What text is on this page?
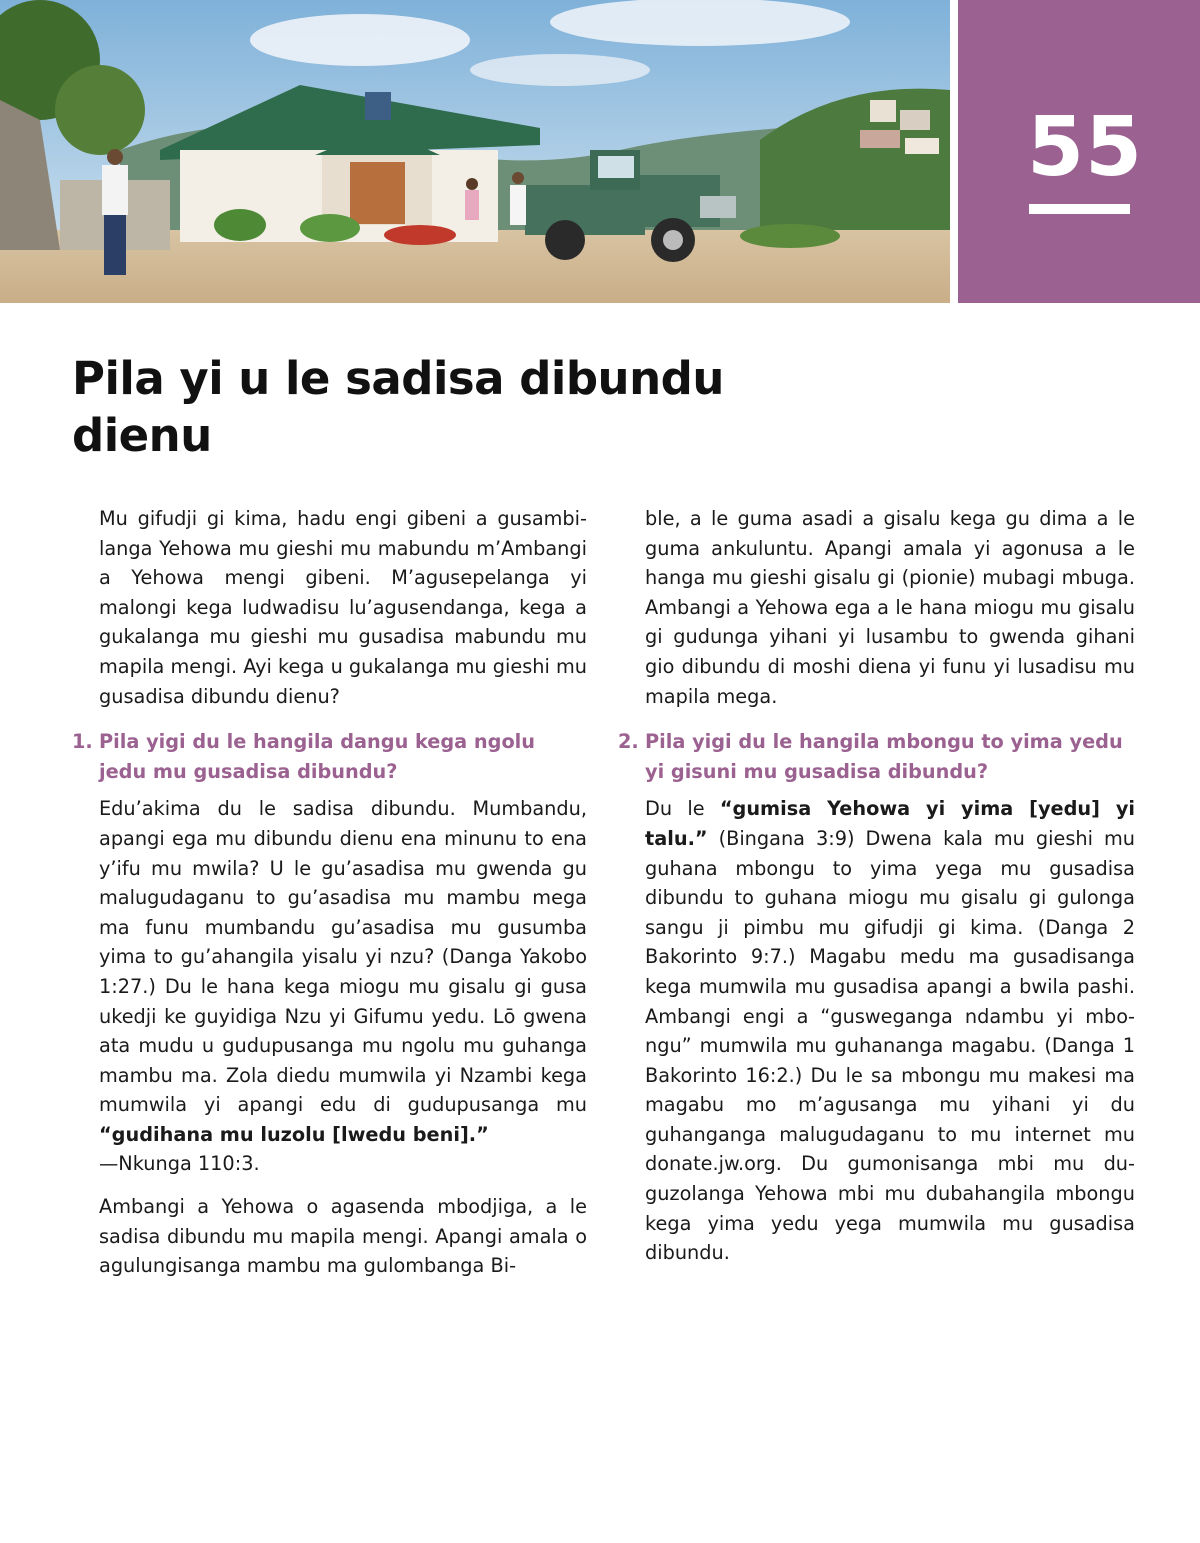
55
Pila yi u le sadisa dibundu dienu

Mu gifudji gi kima, hadu engi gibeni a gusambilanga Yehowa mu gieshi mu mabundu m’Ambangi a Yehowa mengi gibeni. M’agusepelanga yi malongi kega ludwadisu lu’agusendanga, kega a gukalanga mu gieshi mu gusadisa mabundu mu mapila mengi. Ayi kega u gukalanga mu gieshi mu gusadisa dibundu dienu?

1. Pila yigi du le hangila dangu kega ngolu jedu mu gusadisa dibundu?

Edu’akima du le sadisa dibundu. Mumbandu, apangi ega mu dibundu dienu ena minunu to ena y’ifu mu mwila? U le gu’asadisa mu gwenda gu malugudaganu to gu’asadisa mu mambu mega ma funu mumbandu gu’asadisa mu gusumba yima to gu’ahangila yisalu yi nzu? (Danga Yakobo 1:27.) Du le hana kega miogu mu gisalu gi gusa ukedji ke guyidiga Nzu yi Gifumu yedu. Lō gwena ata mudu u gudupusanga mu ngolu mu guhanga mambu ma. Zola diedu mumwila yi Nzambi kega mumwila yi apangi edu di gudupusanga mu “gudihana mu luzolu [lwedu beni].”
—Nkunga 110:3.

Ambangi a Yehowa o agasenda mbodjiga, a le sadisa dibundu mu mapila mengi. Apangi amala o agulungisanga mambu ma gulombanga Bi-

ble, a le guma asadi a gisalu kega gu dima a le guma ankuluntu. Apangi amala yi agonusa a le hanga mu gieshi gisalu gi (pionie) mubagi mbuga. Ambangi a Yehowa ega a le hana miogu mu gisalu gi gudunga yihani yi lusambu to gwenda gihani gio dibundu di moshi diena yi funu yi lusadisu mu mapila mega.

2. Pila yigi du le hangila mbongu to yima yedu yi gisuni mu gusadisa dibundu?

Du le “gumisa Yehowa yi yima [yedu] yi talu.” (Bingana 3:9) Dwena kala mu gieshi mu guhana mbongu to yima yega mu gusadisa dibundu to guhana miogu mu gisalu gi gulonga sangu ji pimbu mu gifudji gi kima. (Danga 2 Bakorinto 9:7.) Magabu medu ma gusadisanga kega mumwila mu gusadisa apangi a bwila pashi. Ambangi engi a “gusweganga ndambu yi mbongu” mumwila mu guhananga magabu. (Danga 1 Bakorinto 16:2.) Du le sa mbongu mu makesi ma magabu mo m’agusanga mu yihani yi du guhanganga malugudaganu to mu internet mu donate.jw.org. Du gumonisanga mbi mu duguzolanga Yehowa mbi mu dubahangila mbongu kega yima yedu yega mumwila mu gusadisa dibundu.
